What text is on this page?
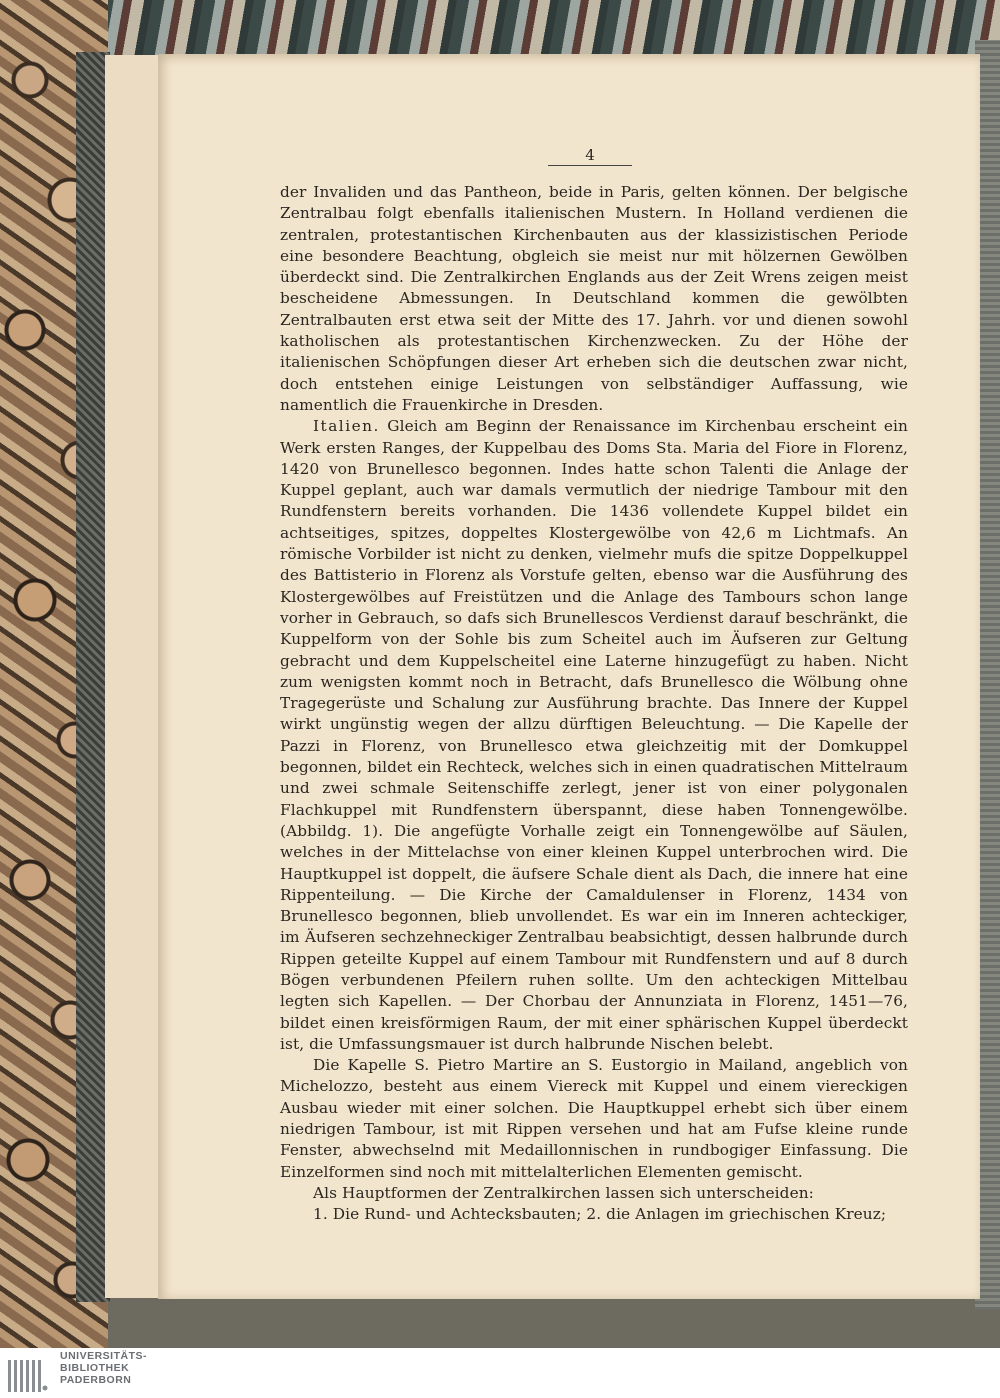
4

der Invaliden und das Pantheon, beide in Paris, gelten können. Der belgische Zentralbau folgt ebenfalls italienischen Mustern. In Holland verdienen die zentralen, protestantischen Kirchenbauten aus der klassizistischen Periode eine besondere Beachtung, obgleich sie meist nur mit hölzernen Gewölben überdeckt sind. Die Zentralkirchen Englands aus der Zeit Wrens zeigen meist bescheidene Abmessungen. In Deutschland kommen die gewölbten Zentralbauten erst etwa seit der Mitte des 17. Jahrh. vor und dienen sowohl katholischen als protestantischen Kirchenzwecken. Zu der Höhe der italienischen Schöpfungen dieser Art erheben sich die deutschen zwar nicht, doch entstehen einige Leistungen von selbständiger Auffassung, wie namentlich die Frauenkirche in Dresden.

Italien. Gleich am Beginn der Renaissance im Kirchenbau erscheint ein Werk ersten Ranges, der Kuppelbau des Doms Sta. Maria del Fiore in Florenz, 1420 von Brunellesco begonnen. Indes hatte schon Talenti die Anlage der Kuppel geplant, auch war damals vermutlich der niedrige Tambour mit den Rundfenstern bereits vorhanden. Die 1436 vollendete Kuppel bildet ein achtseitiges, spitzes, doppeltes Klostergewölbe von 42,6 m Lichtmafs. An römische Vorbilder ist nicht zu denken, vielmehr mufs die spitze Doppelkuppel des Battisterio in Florenz als Vorstufe gelten, ebenso war die Ausführung des Klostergewölbes auf Freistützen und die Anlage des Tambours schon lange vorher in Gebrauch, so dafs sich Brunellescos Verdienst darauf beschränkt, die Kuppelform von der Sohle bis zum Scheitel auch im Äufseren zur Geltung gebracht und dem Kuppelscheitel eine Laterne hinzugefügt zu haben. Nicht zum wenigsten kommt noch in Betracht, dafs Brunellesco die Wölbung ohne Tragegerüste und Schalung zur Ausführung brachte. Das Innere der Kuppel wirkt ungünstig wegen der allzu dürftigen Beleuchtung. — Die Kapelle der Pazzi in Florenz, von Brunellesco etwa gleichzeitig mit der Domkuppel begonnen, bildet ein Rechteck, welches sich in einen quadratischen Mittelraum und zwei schmale Seitenschiffe zerlegt, jener ist von einer polygonalen Flachkuppel mit Rundfenstern überspannt, diese haben Tonnengewölbe. (Abbildg. 1). Die angefügte Vorhalle zeigt ein Tonnengewölbe auf Säulen, welches in der Mittelachse von einer kleinen Kuppel unterbrochen wird. Die Hauptkuppel ist doppelt, die äufsere Schale dient als Dach, die innere hat eine Rippenteilung. — Die Kirche der Camaldulenser in Florenz, 1434 von Brunellesco begonnen, blieb unvollendet. Es war ein im Inneren achteckiger, im Äufseren sechzehneckiger Zentralbau beabsichtigt, dessen halbrunde durch Rippen geteilte Kuppel auf einem Tambour mit Rundfenstern und auf 8 durch Bögen verbundenen Pfeilern ruhen sollte. Um den achteckigen Mittelbau legten sich Kapellen. — Der Chorbau der Annunziata in Florenz, 1451—76, bildet einen kreisförmigen Raum, der mit einer sphärischen Kuppel überdeckt ist, die Umfassungsmauer ist durch halbrunde Nischen belebt.

Die Kapelle S. Pietro Martire an S. Eustorgio in Mailand, angeblich von Michelozzo, besteht aus einem Viereck mit Kuppel und einem viereckigen Ausbau wieder mit einer solchen. Die Hauptkuppel erhebt sich über einem niedrigen Tambour, ist mit Rippen versehen und hat am Fufse kleine runde Fenster, abwechselnd mit Medaillonnischen in rundbogiger Einfassung. Die Einzelformen sind noch mit mittelalterlichen Elementen gemischt.

Als Hauptformen der Zentralkirchen lassen sich unterscheiden:

1. Die Rund- und Achtecksbauten; 2. die Anlagen im griechischen Kreuz;

UNIVERSITÄTS-
BIBLIOTHEK
PADERBORN
